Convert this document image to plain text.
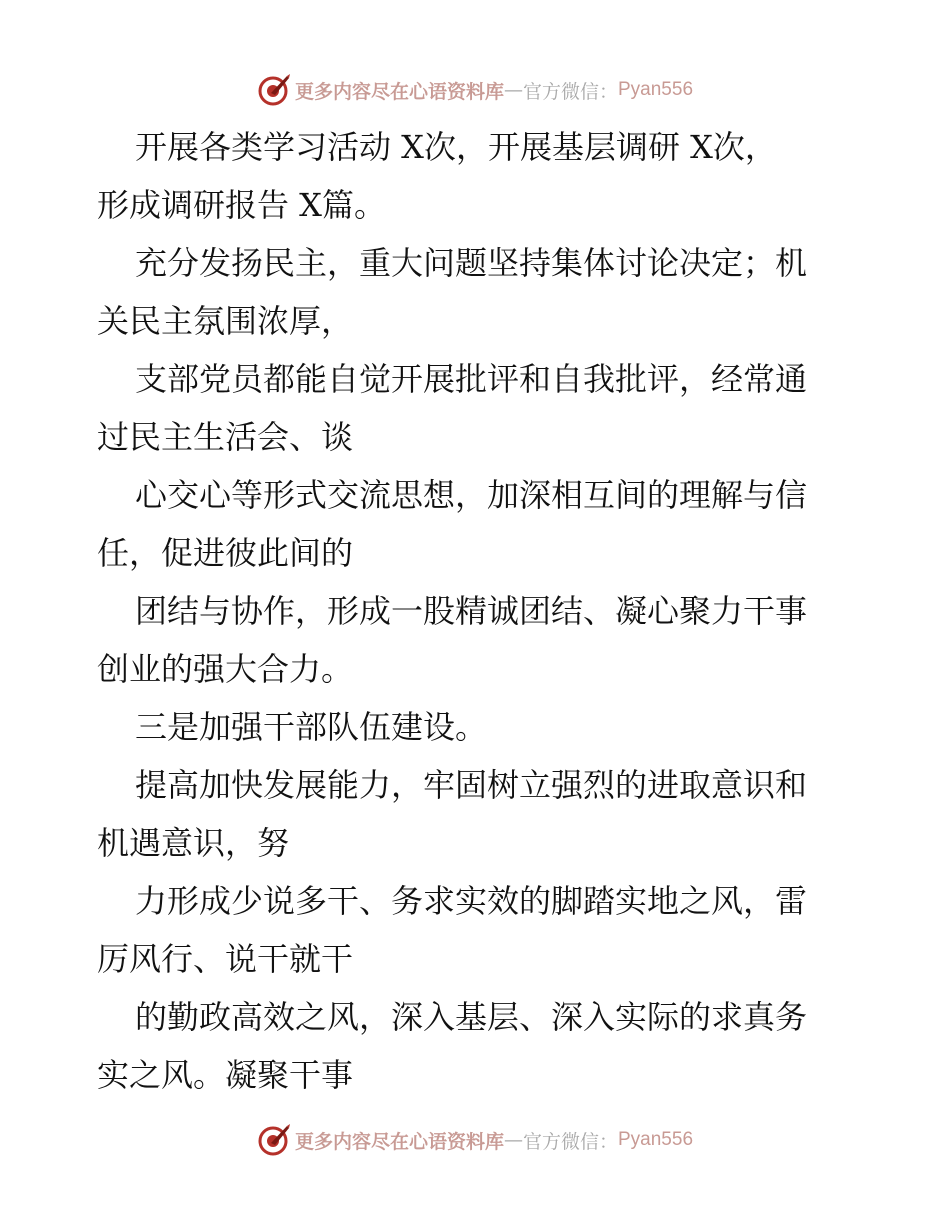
更多内容尽在心语资料库 — 官方微信： Pyan556

开展各类学习活动 X次，开展基层调研 X次，
形成调研报告 X篇。

充分发扬民主，重大问题坚持集体讨论决定；机
关民主氛围浓厚，

支部党员都能自觉开展批评和自我批评，经常通
过民主生活会、谈

心交心等形式交流思想，加深相互间的理解与信
任，促进彼此间的

团结与协作，形成一股精诚团结、凝心聚力干事
创业的强大合力。

三是加强干部队伍建设。

提高加快发展能力，牢固树立强烈的进取意识和
机遇意识，努

力形成少说多干、务求实效的脚踏实地之风，雷
厉风行、说干就干

的勤政高效之风，深入基层、深入实际的求真务
实之风。凝聚干事

更多内容尽在心语资料库 — 官方微信： Pyan556
